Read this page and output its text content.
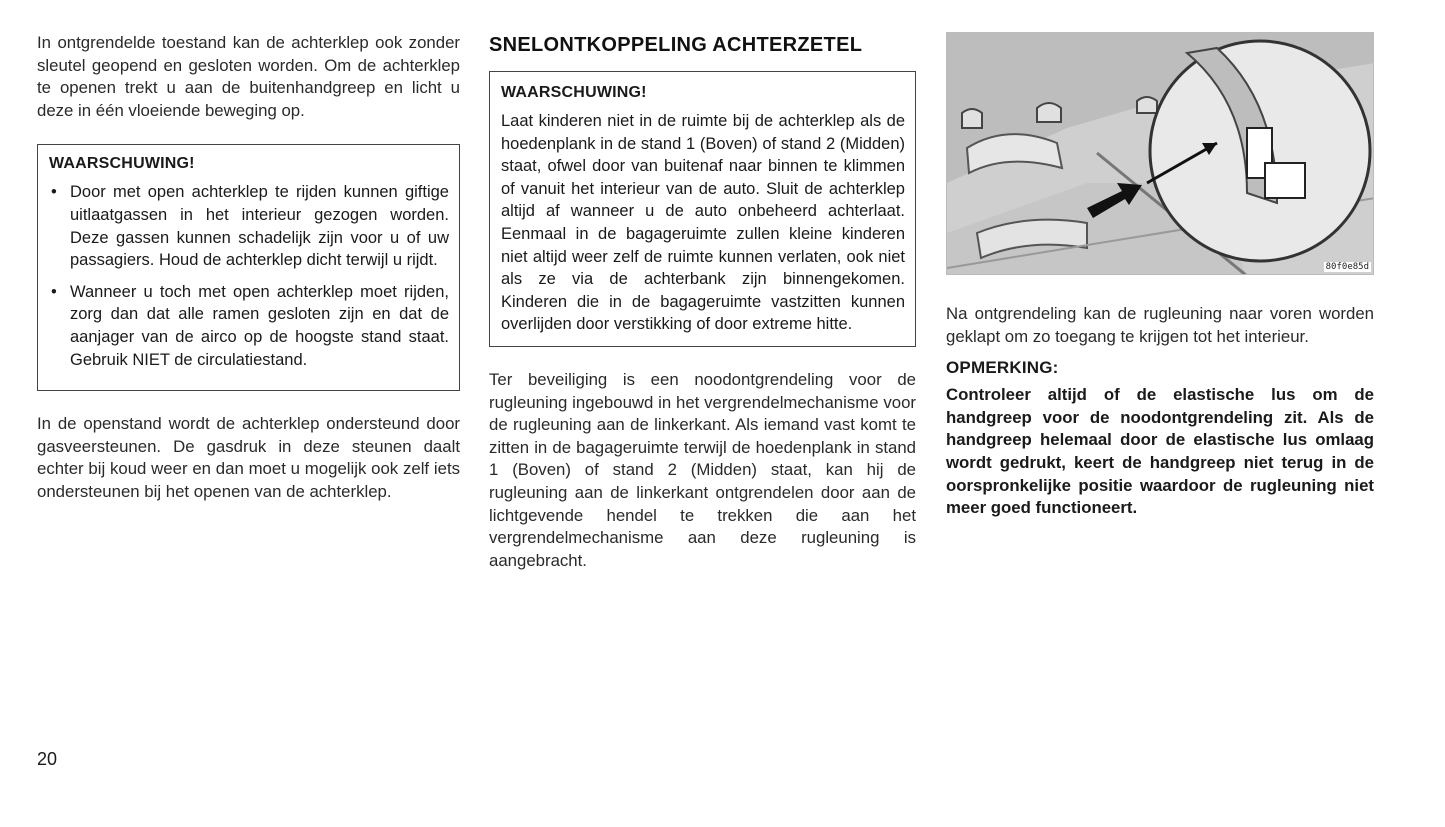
In ontgrendelde toestand kan de achterklep ook zonder sleutel geopend en gesloten worden. Om de achterklep te openen trekt u aan de buitenhandgreep en licht u deze in één vloeiende beweging op.

WAARSCHUWING!
• Door met open achterklep te rijden kunnen giftige uitlaatgassen in het interieur gezogen worden. Deze gassen kunnen schadelijk zijn voor u of uw passagiers. Houd de achterklep dicht terwijl u rijdt.
• Wanneer u toch met open achterklep moet rijden, zorg dan dat alle ramen gesloten zijn en dat de aanjager van de airco op de hoogste stand staat. Gebruik NIET de circulatiestand.

In de openstand wordt de achterklep ondersteund door gasveersteunen. De gasdruk in deze steunen daalt echter bij koud weer en dan moet u mogelijk ook zelf iets ondersteunen bij het openen van de achterklep.

SNELONTKOPPELING ACHTERZETEL
WAARSCHUWING!

Laat kinderen niet in de ruimte bij de achterklep als de hoedenplank in de stand 1 (Boven) of stand 2 (Midden) staat, ofwel door van buitenaf naar binnen te klimmen of vanuit het interieur van de auto. Sluit de achterklep altijd af wanneer u de auto onbeheerd achterlaat. Eenmaal in de bagageruimte zullen kleine kinderen niet altijd weer zelf de ruimte kunnen verlaten, ook niet als ze via de achterbank zijn binnengekomen. Kinderen die in de bagageruimte vastzitten kunnen overlijden door verstikking of door extreme hitte.

Ter beveiliging is een noodontgrendeling voor de rugleuning ingebouwd in het vergrendelmechanisme voor de rugleuning aan de linkerkant. Als iemand vast komt te zitten in de bagageruimte terwijl de hoedenplank in stand 1 (Boven) of stand 2 (Midden) staat, kan hij de rugleuning aan de linkerkant ontgrendelen door aan de lichtgevende hendel te trekken die aan het vergrendelmechanisme aan deze rugleuning is aangebracht.

80f0e85d

Na ontgrendeling kan de rugleuning naar voren worden geklapt om zo toegang te krijgen tot het interieur.

OPMERKING:

Controleer altijd of de elastische lus om de handgreep voor de noodontgrendeling zit. Als de handgreep helemaal door de elastische lus omlaag wordt gedrukt, keert de handgreep niet terug in de oorspronkelijke positie waardoor de rugleuning niet meer goed functioneert.

20
